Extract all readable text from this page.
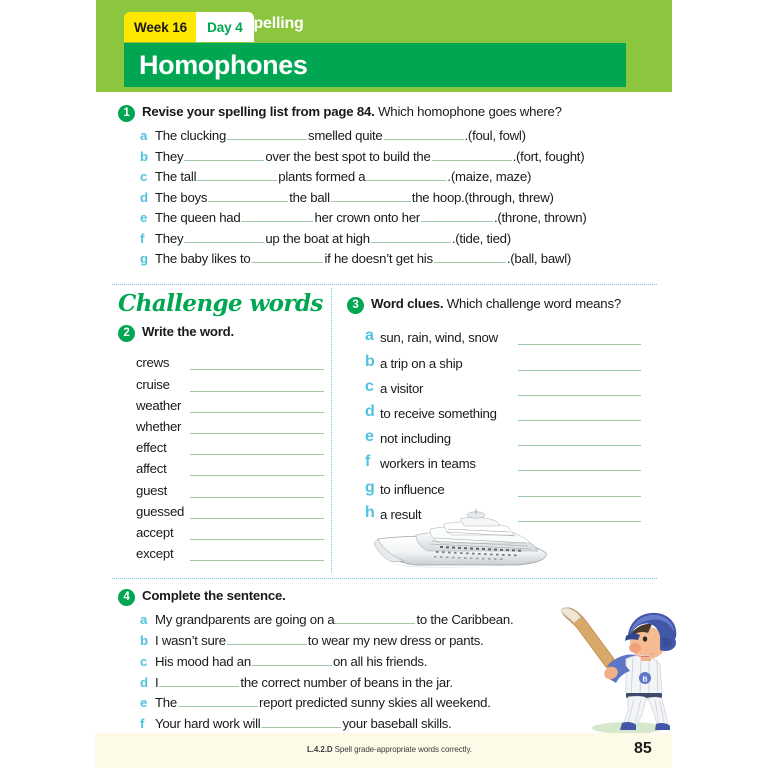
Week 16	Day 4 Spelling
Homophones
1 Revise your spelling list from page 84. Which homophone goes where?
a The clucking	smelled quite	. (foul, fowl)
b They	over the best spot to build the	. (fort, fought)
c The tall	plants formed a	. (maize, maze)
d The boys	the ball	the hoop. (through, threw)
e The queen had	her crown onto her	. (throne, thrown)
f They	up the boat at high	. (tide, tied)
g The baby likes to	if he doesn’t get his	. (ball, bawl)
Challenge words
2 Write the word.
crews
cruise
weather
whether
effect
affect
guest
guessed
accept
except
3 Word clues. Which challenge word means?
a sun, rain, wind, snow
b a trip on a ship
c a visitor
d to receive something
e not including
f workers in teams
g to influence
h a result
4 Complete the sentence.
a My grandparents are going on a	to the Caribbean.
b I wasn’t sure	to wear my new dress or pants.
c His mood had an	on all his friends.
d I	the correct number of beans in the jar.
e The	report predicted sunny skies all weekend.
f Your hard work will	your baseball skills.
B
L.4.2.D Spell grade-appropriate words correctly.	85
